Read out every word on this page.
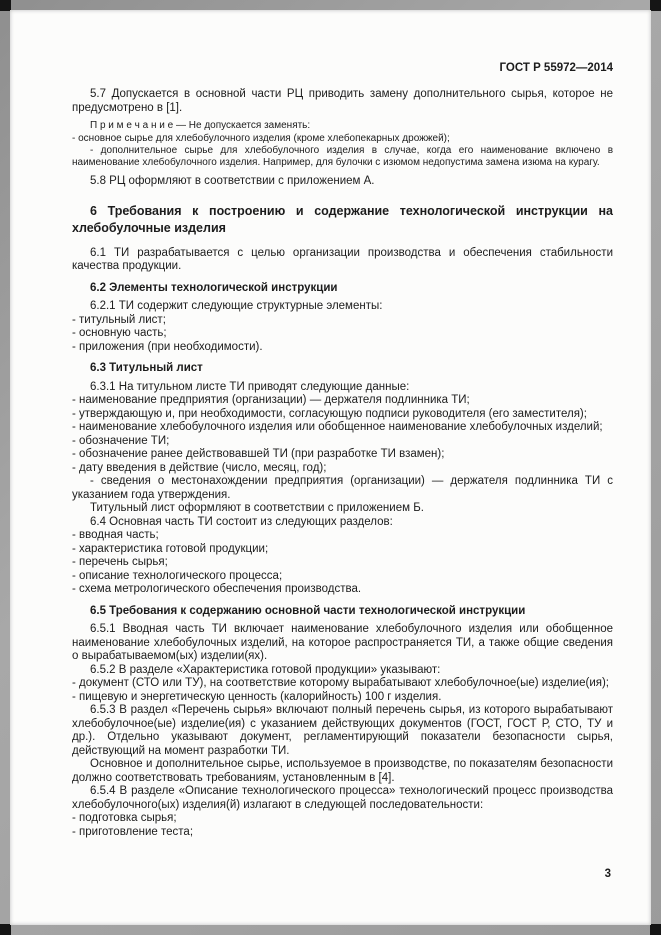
ГОСТ Р 55972—2014

5.7 Допускается в основной части РЦ приводить замену дополнительного сырья, которое не предусмотрено в [1].

П р и м е ч а н и е — Не допускается заменять:

- основное сырье для хлебобулочного изделия (кроме хлебопекарных дрожжей);

- дополнительное сырье для хлебобулочного изделия в случае, когда его наименование включено в наименование хлебобулочного изделия. Например, для булочки с изюмом недопустима замена изюма на курагу.

5.8 РЦ оформляют в соответствии с приложением А.

6 Требования к построению и содержание технологической инструкции на хлебобулочные изделия

6.1 ТИ разрабатывается с целью организации производства и обеспечения стабильности качества продукции.

6.2 Элементы технологической инструкции

6.2.1 ТИ содержит следующие структурные элементы:

- титульный лист;

- основную часть;

- приложения (при необходимости).

6.3 Титульный лист

6.3.1 На титульном листе ТИ приводят следующие данные:

- наименование предприятия (организации) — держателя подлинника ТИ;

- утверждающую и, при необходимости, согласующую подписи руководителя (его заместителя);

- наименование хлебобулочного изделия или обобщенное наименование хлебобулочных изделий;

- обозначение ТИ;

- обозначение ранее действовавшей ТИ (при разработке ТИ взамен);

- дату введения в действие (число, месяц, год);

- сведения о местонахождении предприятия (организации) — держателя подлинника ТИ с указанием года утверждения.

Титульный лист оформляют в соответствии с приложением Б.

6.4 Основная часть ТИ состоит из следующих разделов:

- вводная часть;

- характеристика готовой продукции;

- перечень сырья;

- описание технологического процесса;

- схема метрологического обеспечения производства.

6.5 Требования к содержанию основной части технологической инструкции

6.5.1 Вводная часть ТИ включает наименование хлебобулочного изделия или обобщенное наименование хлебобулочных изделий, на которое распространяется ТИ, а также общие сведения о вырабатываемом(ых) изделии(ях).

6.5.2 В разделе «Характеристика готовой продукции» указывают:

- документ (СТО или ТУ), на соответствие которому вырабатывают хлебобулочное(ые) изделие(ия);

- пищевую и энергетическую ценность (калорийность) 100 г изделия.

6.5.3 В раздел «Перечень сырья» включают полный перечень сырья, из которого вырабатывают хлебобулочное(ые) изделие(ия) с указанием действующих документов (ГОСТ, ГОСТ Р, СТО, ТУ и др.). Отдельно указывают документ, регламентирующий показатели безопасности сырья, действующий на момент разработки ТИ.

Основное и дополнительное сырье, используемое в производстве, по показателям безопасности должно соответствовать требованиям, установленным в [4].

6.5.4 В разделе «Описание технологического процесса» технологический процесс производства хлебобулочного(ых) изделия(й) излагают в следующей последовательности:

- подготовка сырья;

- приготовление теста;

3
